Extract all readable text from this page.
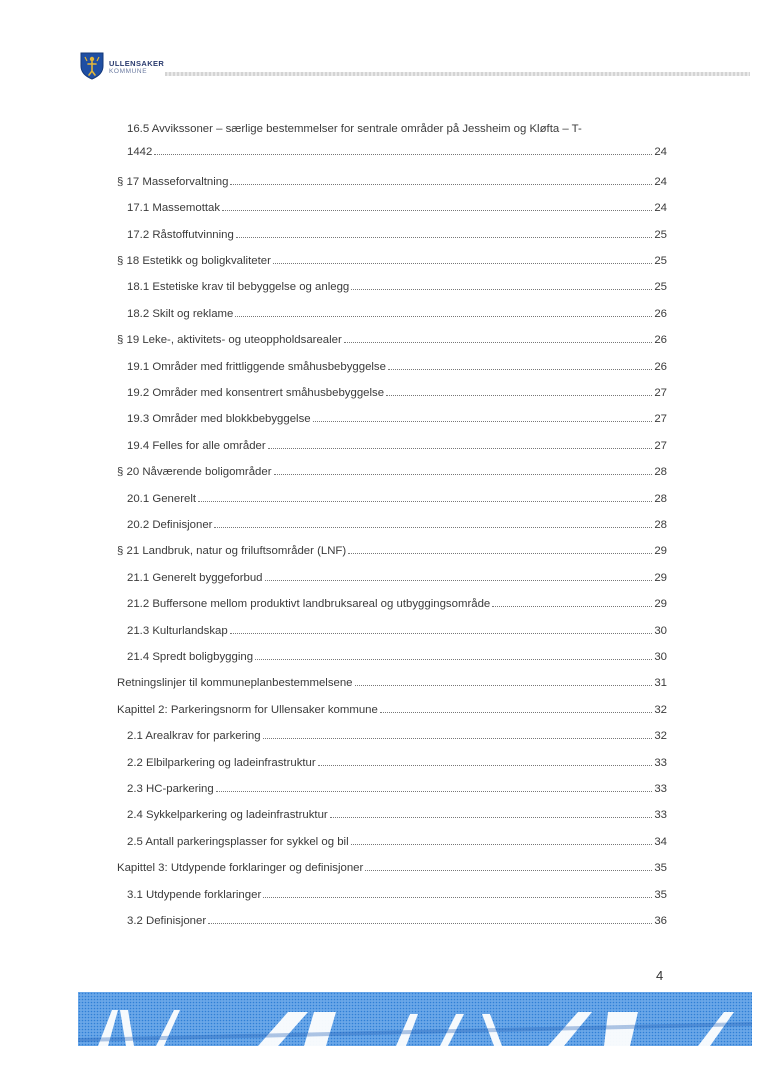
ULLENSAKER
KOMMUNE
16.5 Avvikssoner – særlige bestemmelser for sentrale områder på Jessheim og Kløfta – T-
1442	24
§ 17 Masseforvaltning	24
17.1 Massemottak	24
17.2 Råstoffutvinning	25
§ 18 Estetikk og boligkvaliteter	25
18.1 Estetiske krav til bebyggelse og anlegg	25
18.2 Skilt og reklame	26
§ 19 Leke-, aktivitets- og uteoppholdsarealer	26
19.1 Områder med frittliggende småhusbebyggelse	26
19.2 Områder med konsentrert småhusbebyggelse	27
19.3 Områder med blokkbebyggelse	27
19.4 Felles for alle områder	27
§ 20 Nåværende boligområder	28
20.1 Generelt	28
20.2 Definisjoner	28
§ 21 Landbruk, natur og friluftsområder (LNF)	29
21.1 Generelt byggeforbud	29
21.2 Buffersone mellom produktivt landbruksareal og utbyggingsområde	29
21.3 Kulturlandskap	30
21.4 Spredt boligbygging	30
Retningslinjer til kommuneplanbestemmelsene	31
Kapittel 2: Parkeringsnorm for Ullensaker kommune	32
2.1 Arealkrav for parkering	32
2.2 Elbilparkering og ladeinfrastruktur	33
2.3 HC-parkering	33
2.4 Sykkelparkering og ladeinfrastruktur	33
2.5 Antall parkeringsplasser for sykkel og bil	34
Kapittel 3: Utdypende forklaringer og definisjoner	35
3.1 Utdypende forklaringer	35
3.2 Definisjoner	36
4
